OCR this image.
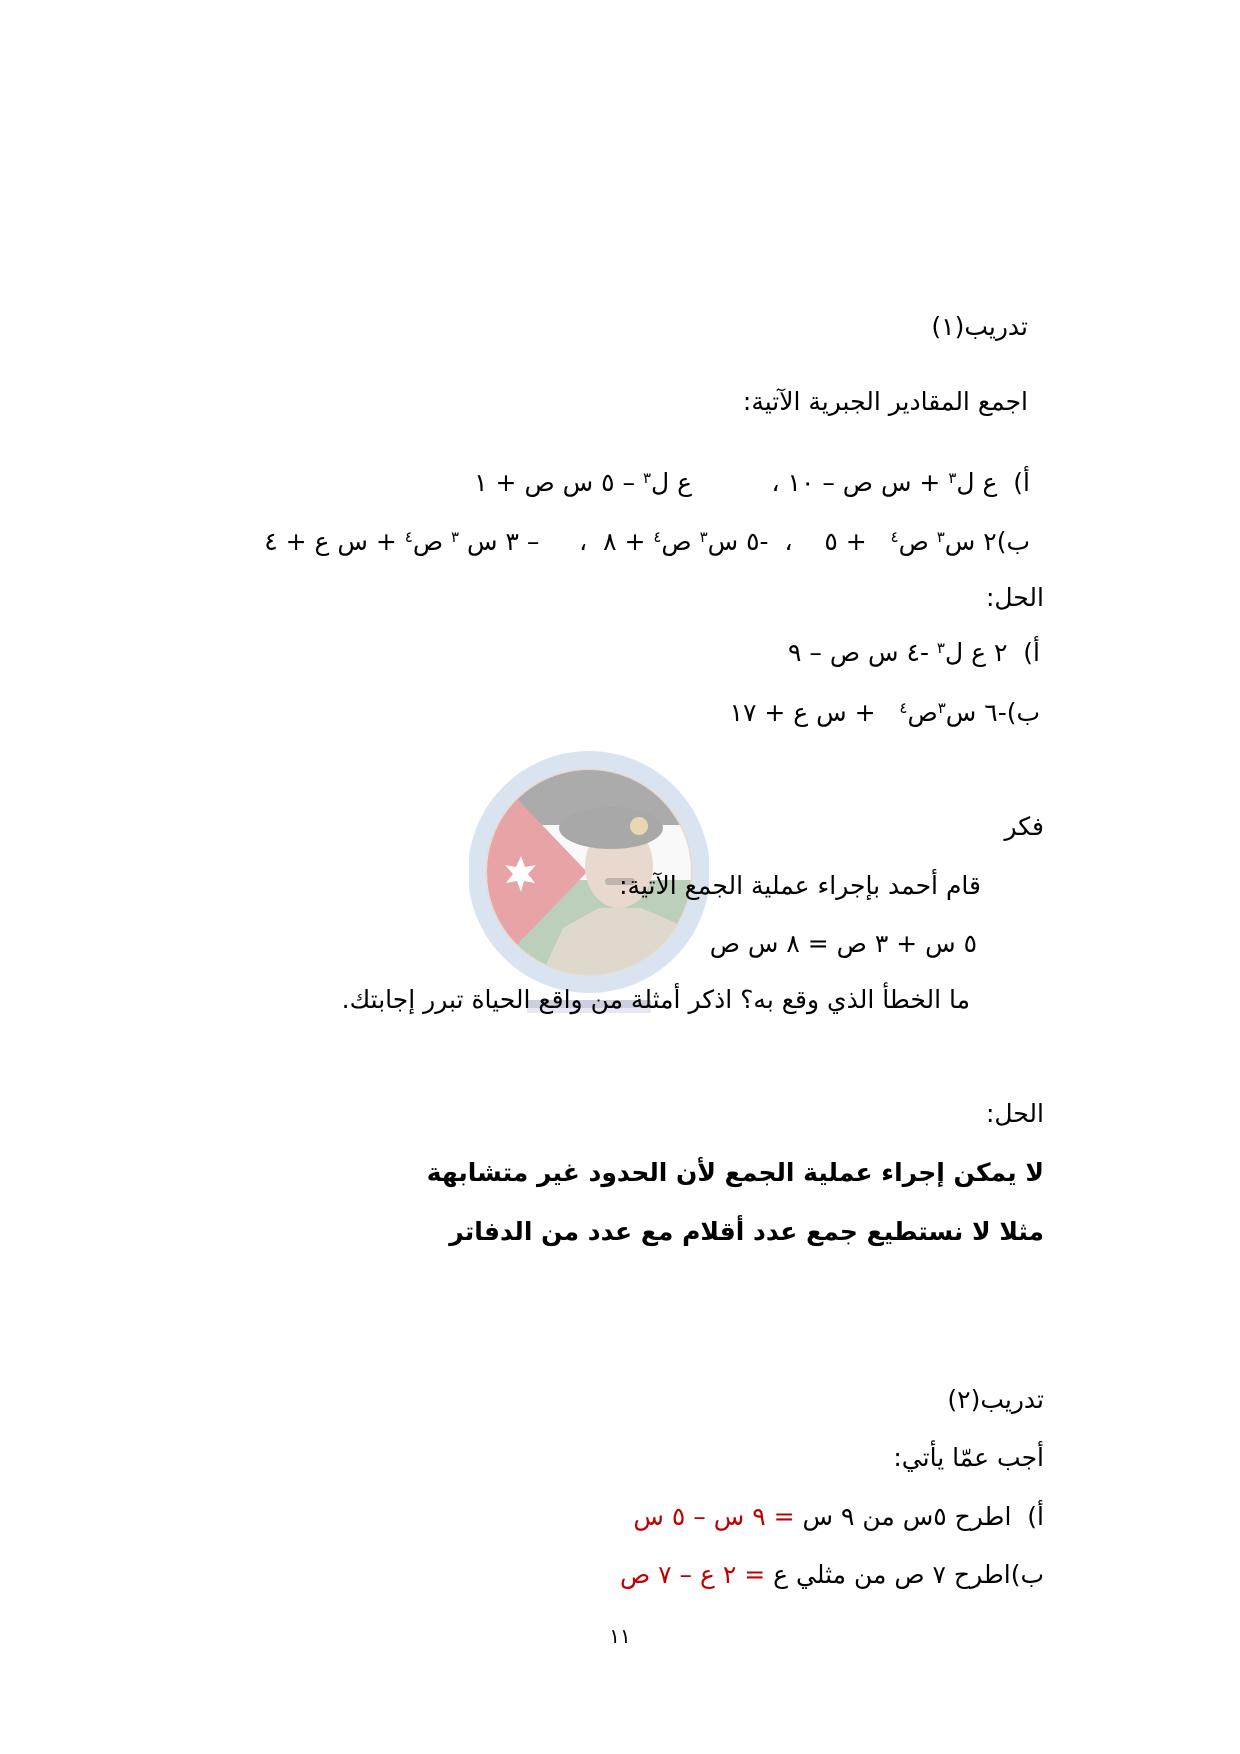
تدريب(١)
اجمع المقادير الجبرية الآتية:
أ)  ع ل$^٣$ + س ص – ١٠ ،          ع ل$^٣$ – ٥ س ص + ١
ب)٢ س$^٣$ ص$^٤$   + ٥    ،  -٥ س$^٣$ ص$^٤$ + ٨  ،     – ٣ س $^٣$ ص$^٤$ + س ع + ٤
الحل:
أ)  ٢ ع ل$^٣$ -٤ س ص – ٩
ب)-٦ س$^٣$ص$^٤$   + س ع + ١٧
فكر
قام أحمد بإجراء عملية الجمع الآتية:
٥ س + ٣ ص = ٨ س ص
ما الخطأ الذي وقع به؟ اذكر أمثلة من واقع الحياة تبرر إجابتك.
الحل:
لا يمكن إجراء عملية الجمع لأن الحدود غير متشابهة
مثلا لا نستطيع جمع عدد أقلام مع عدد من الدفاتر
تدريب(٢)
أجب عمّا يأتي:
أ)  اطرح ٥س من ٩ س = ٩ س – ٥ س
ب)اطرح ٧ ص من مثلي ع = ٢ ع – ٧ ص
١١
